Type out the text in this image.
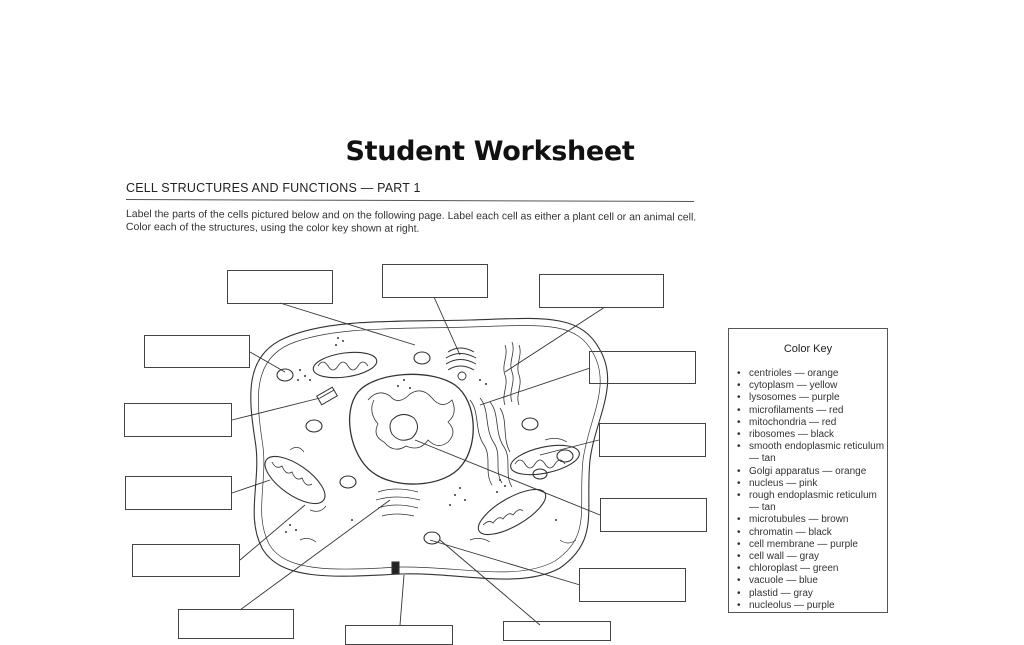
Student Worksheet
CELL STRUCTURES AND FUNCTIONS — PART 1
Label the parts of the cells pictured below and on the following page. Label each cell as either a plant cell or an animal cell. Color each of the structures, using the color key shown at right.
Color Key
• centrioles — orange
• cytoplasm — yellow
• lysosomes — purple
• microfilaments — red
• mitochondria — red
• ribosomes — black
• smooth endoplasmic reticulum — tan
• Golgi apparatus — orange
• nucleus — pink
• rough endoplasmic reticulum — tan
• microtubules — brown
• chromatin — black
• cell membrane — purple
• cell wall — gray
• chloroplast — green
• vacuole — blue
• plastid — gray
• nucleolus — purple
